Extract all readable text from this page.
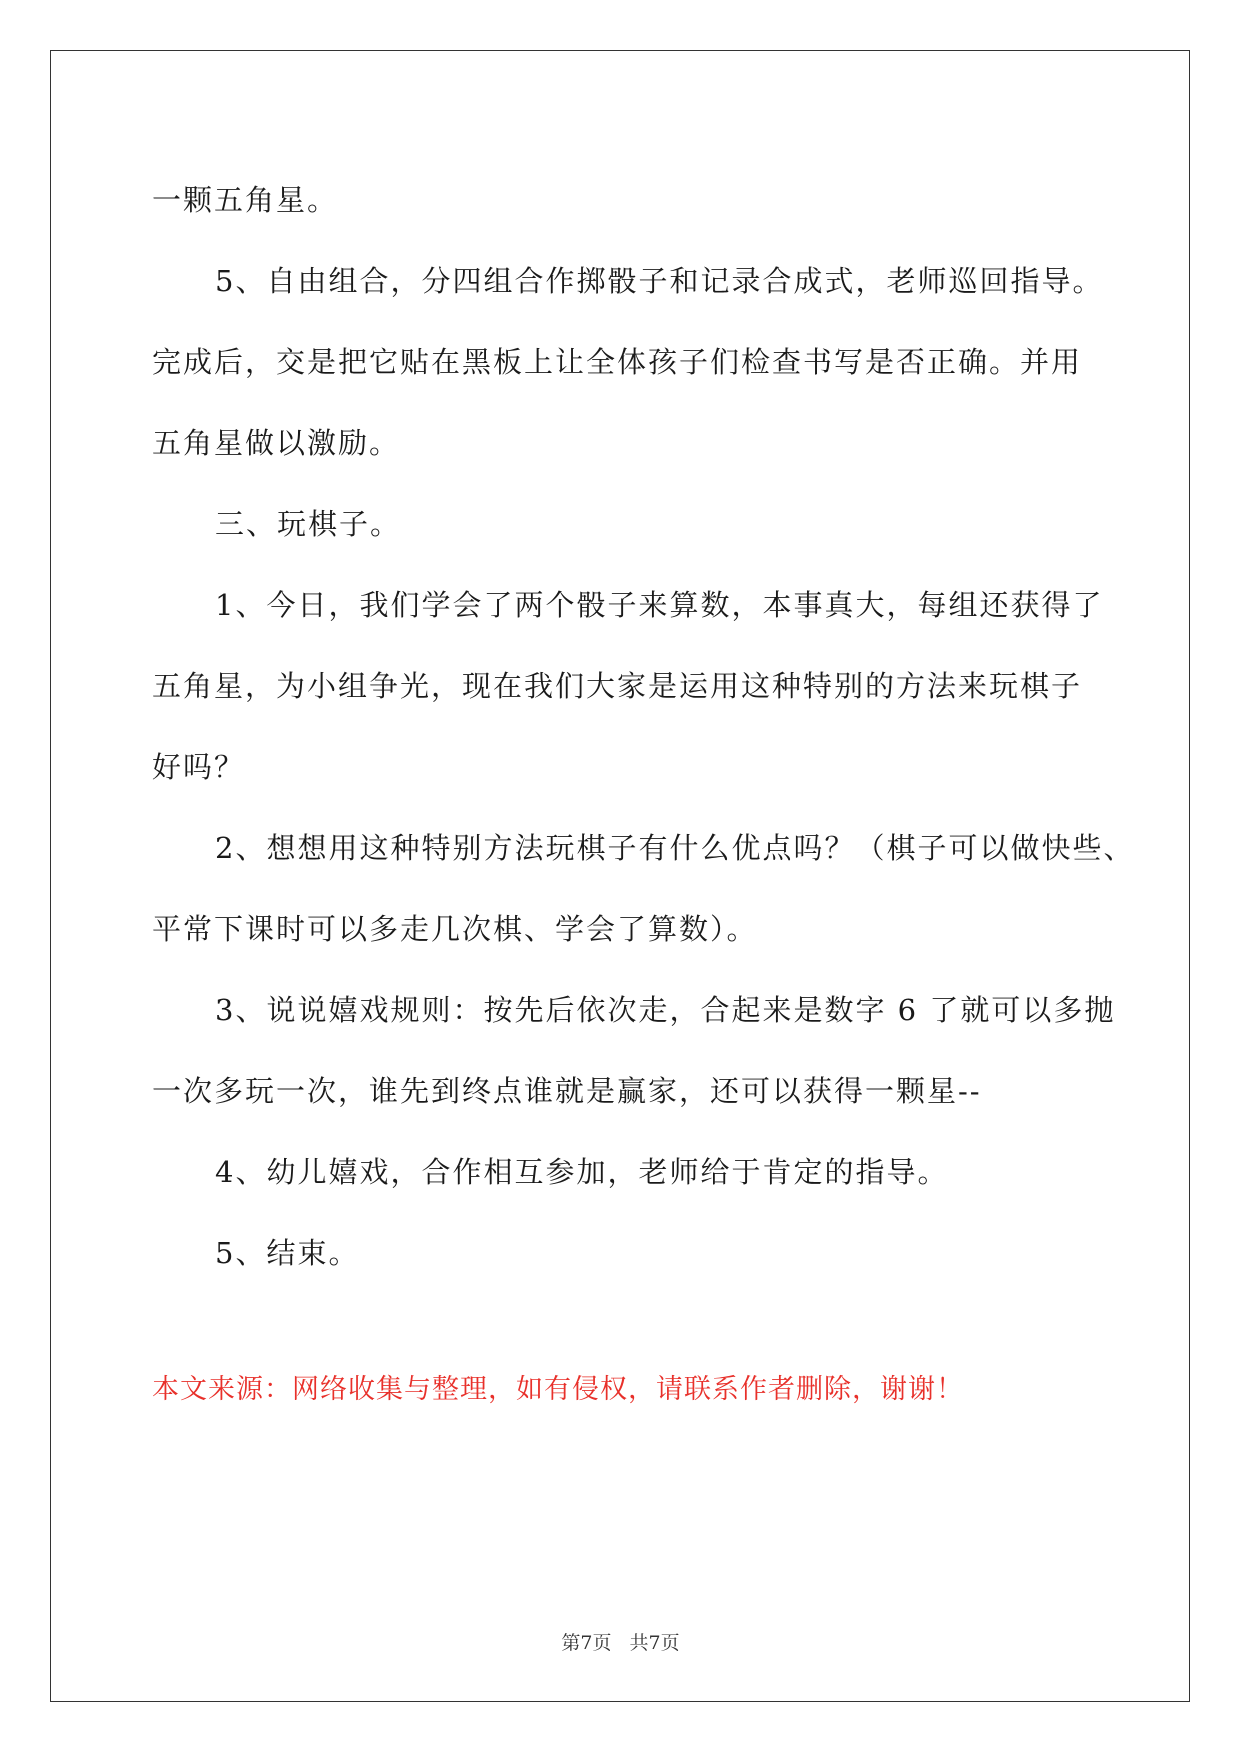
一颗五角星。
5、自由组合，分四组合作掷骰子和记录合成式，老师巡回指导。
完成后，交是把它贴在黑板上让全体孩子们检查书写是否正确。并用
五角星做以激励。
三、玩棋子。
1、今日，我们学会了两个骰子来算数，本事真大，每组还获得了
五角星，为小组争光，现在我们大家是运用这种特别的方法来玩棋子
好吗？
2、想想用这种特别方法玩棋子有什么优点吗？（棋子可以做快些、
平常下课时可以多走几次棋、学会了算数）。
3、说说嬉戏规则：按先后依次走，合起来是数字 6 了就可以多抛
一次多玩一次，谁先到终点谁就是赢家，还可以获得一颗星--
4、幼儿嬉戏，合作相互参加，老师给于肯定的指导。
5、结束。
本文来源：网络收集与整理，如有侵权，请联系作者删除，谢谢！
第7页 共7页
